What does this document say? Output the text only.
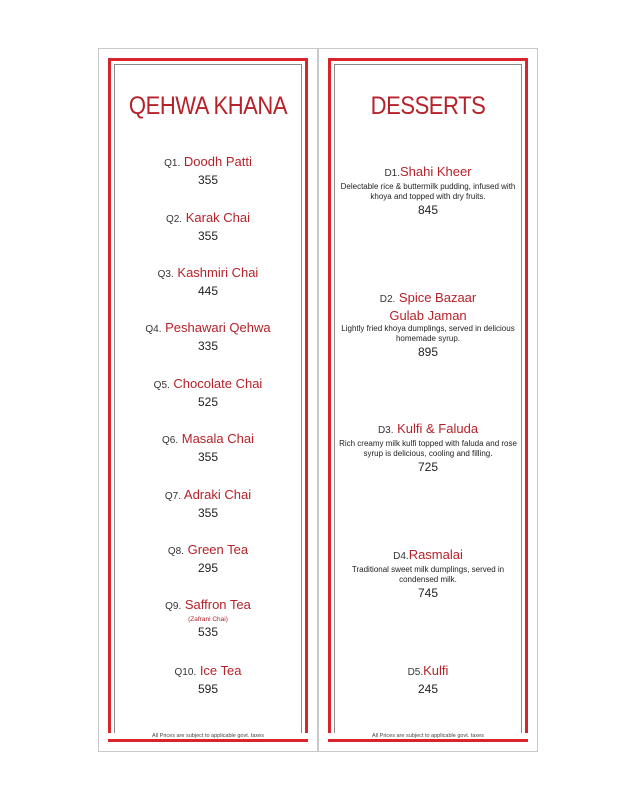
QEHWA KHANA
Q1. Doodh Patti
355
Q2. Karak Chai
355
Q3. Kashmiri Chai
445
Q4. Peshawari Qehwa
335
Q5. Chocolate Chai
525
Q6. Masala Chai
355
Q7. Adraki Chai
355
Q8. Green Tea
295
Q9. Saffron Tea
(Zafrani Chai)
535
Q10. Ice Tea
595
All Prices are subject to applicable govt. taxes
DESSERTS
D1.Shahi Kheer
Delectable rice & buttermilk pudding, infused with khoya and topped with dry fruits.
845
D2. Spice Bazaar
Gulab Jaman
Lightly fried khoya dumplings, served in delicious homemade syrup.
895
D3. Kulfi & Faluda
Rich creamy milk kulfi topped with faluda and rose syrup is delicious, cooling and filling.
725
D4.Rasmalai
Traditional sweet milk dumplings, served in condensed milk.
745
D5.Kulfi
245
All Prices are subject to applicable govt. taxes
